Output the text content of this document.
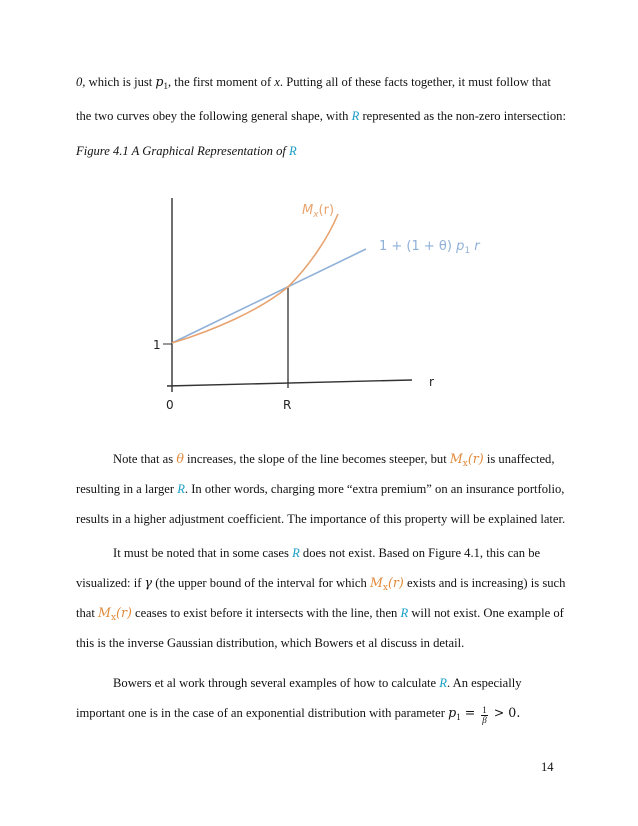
0, which is just $p_1$, the first moment of x. Putting all of these facts together, it must follow that
the two curves obey the following general shape, with R represented as the non-zero intersection:
Figure 4.1 A Graphical Representation of R
$M_x(r)$
1 + (1 + θ) $p_1$ r
1
0	R
r
Note that as θ increases, the slope of the line becomes steeper, but $M_x(r)$ is unaffected,
resulting in a larger R. In other words, charging more “extra premium” on an insurance portfolio,
results in a higher adjustment coefficient. The importance of this property will be explained later.
It must be noted that in some cases R does not exist. Based on Figure 4.1, this can be
visualized: if γ (the upper bound of the interval for which $M_x(r)$ exists and is increasing) is such
that $M_x(r)$ ceases to exist before it intersects with the line, then R will not exist. One example of
this is the inverse Gaussian distribution, which Bowers et al discuss in detail.
Bowers et al work through several examples of how to calculate R. An especially
important one is in the case of an exponential distribution with parameter $p_1 = \frac{1}{\beta} > 0$.
14
